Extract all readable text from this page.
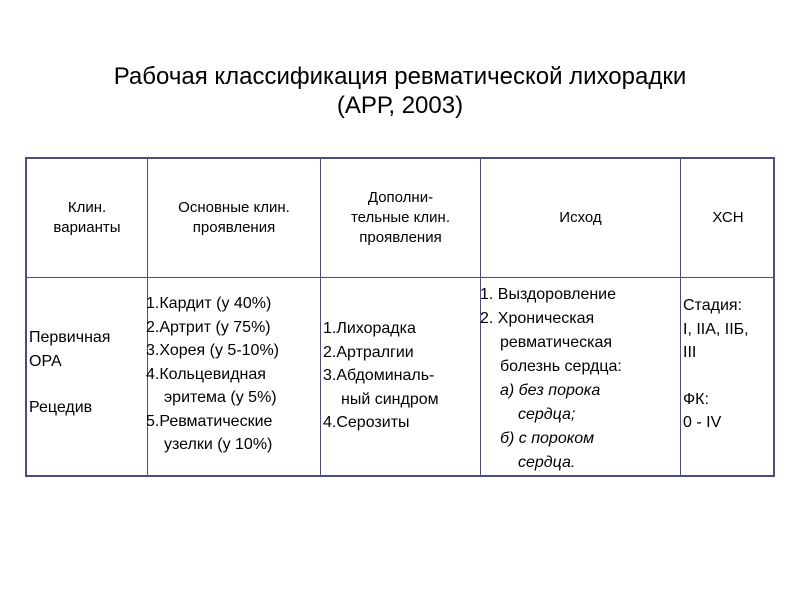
Рабочая классификация ревматической лихорадки
(АРР, 2003)
Клин.
варианты
Основные клин.
проявления
Дополни-
тельные клин.
проявления
Исход	ХСН
Первичная
ОРА
Рецедив
1.Кардит (у 40%)
2.Артрит (у 75%)
3.Хорея (у 5-10%)
4.Кольцевидная
эритема (у 5%)
5.Ревматические
узелки (у 10%)
1.Лихорадка
2.Артралгии
3.Абдоминаль-
ный синдром
4.Серозиты
1. Выздоровление
2. Хроническая
ревматическая
болезнь сердца:
а) без порока
сердца;
б) с пороком
сердца.
Стадия:
I, IIА, IIБ,
III
ФК:
0 - IV
